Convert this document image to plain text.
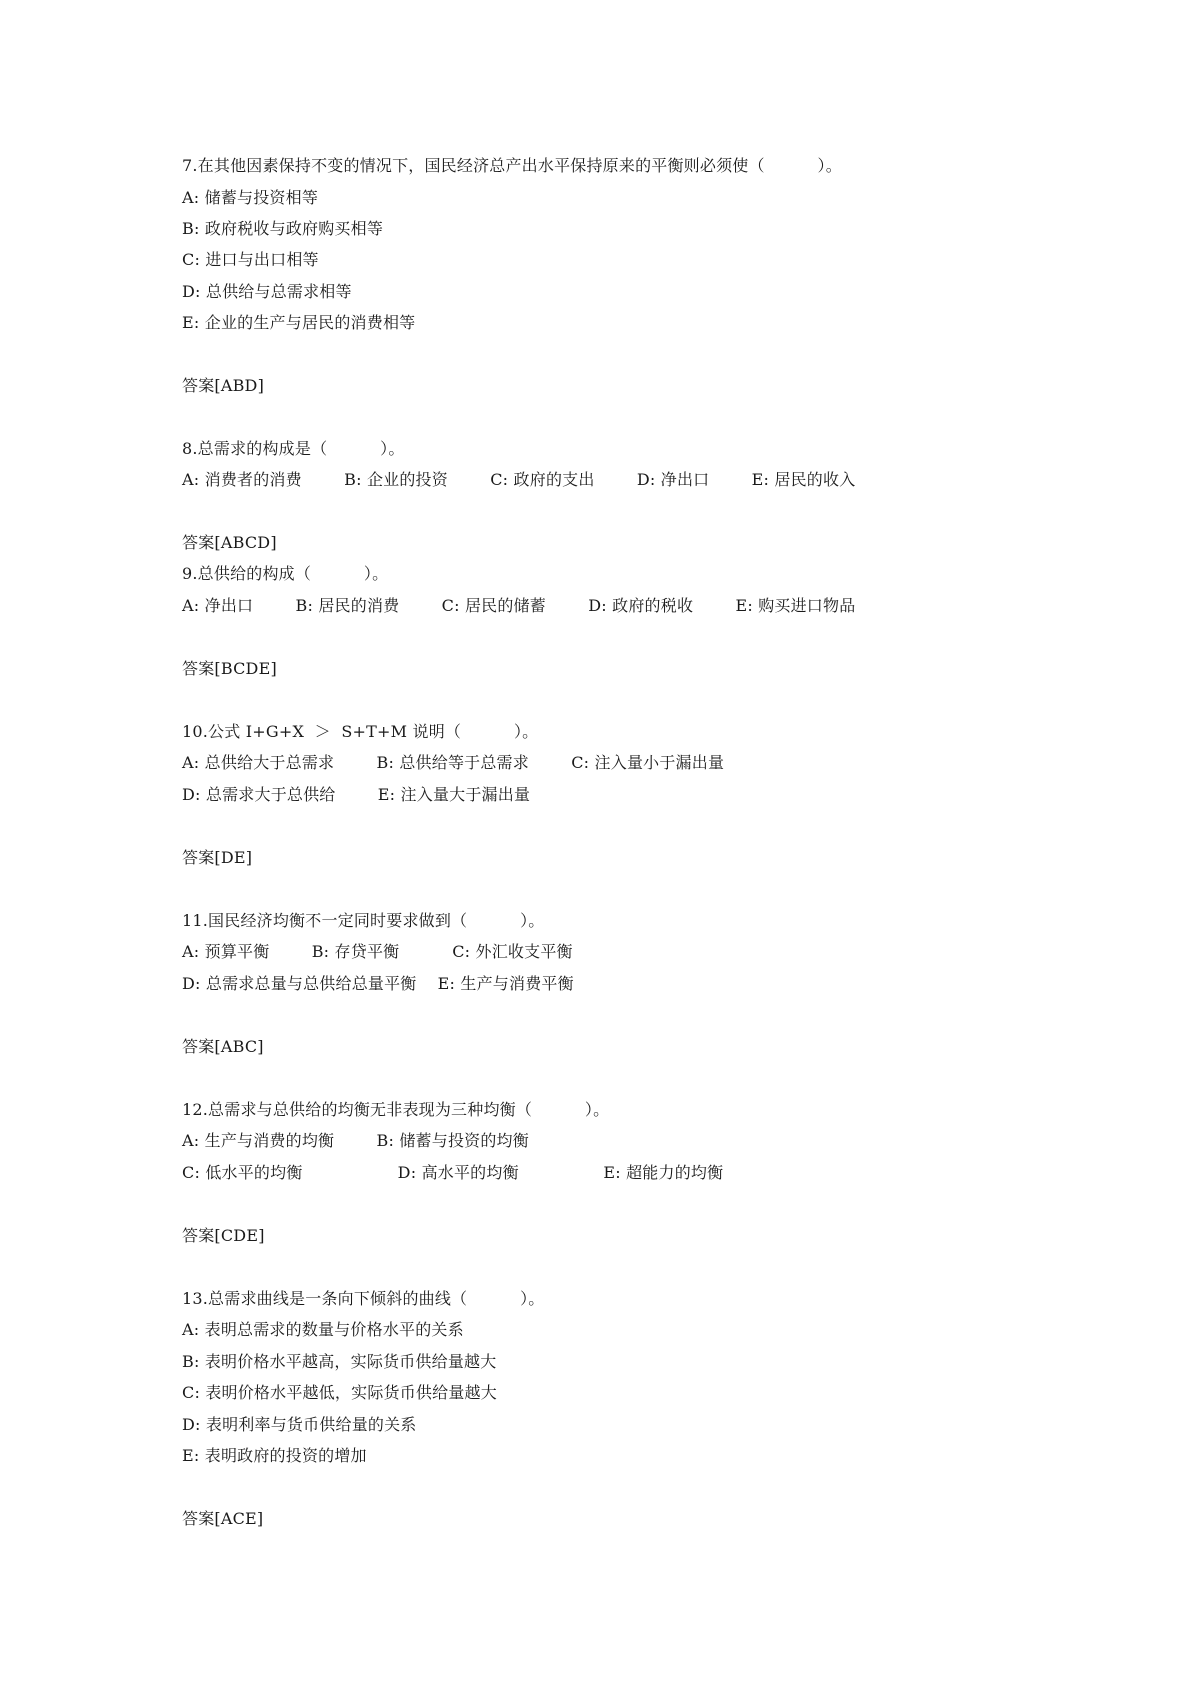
7.在其他因素保持不变的情况下，国民经济总产出水平保持原来的平衡则必须使（          ）。
A: 储蓄与投资相等
B: 政府税收与政府购买相等
C: 进口与出口相等
D: 总供给与总需求相等
E: 企业的生产与居民的消费相等
答案[ABD]
8.总需求的构成是（          ）。
A: 消费者的消费        B: 企业的投资        C: 政府的支出        D: 净出口        E: 居民的收入
答案[ABCD]
9.总供给的构成（          ）。
A: 净出口        B: 居民的消费        C: 居民的储蓄        D: 政府的税收        E: 购买进口物品
答案[BCDE]
10.公式 I+G+X  ＞  S+T+M 说明（          ）。
A: 总供给大于总需求        B: 总供给等于总需求        C: 注入量小于漏出量
D: 总需求大于总供给        E: 注入量大于漏出量
答案[DE]
11.国民经济均衡不一定同时要求做到（          ）。
A: 预算平衡        B: 存贷平衡          C: 外汇收支平衡
D: 总需求总量与总供给总量平衡    E: 生产与消费平衡
答案[ABC]
12.总需求与总供给的均衡无非表现为三种均衡（          ）。
A: 生产与消费的均衡        B: 储蓄与投资的均衡
C: 低水平的均衡                  D: 高水平的均衡                E: 超能力的均衡
答案[CDE]
13.总需求曲线是一条向下倾斜的曲线（          ）。
A: 表明总需求的数量与价格水平的关系
B: 表明价格水平越高，实际货币供给量越大
C: 表明价格水平越低，实际货币供给量越大
D: 表明利率与货币供给量的关系
E: 表明政府的投资的增加
答案[ACE]
